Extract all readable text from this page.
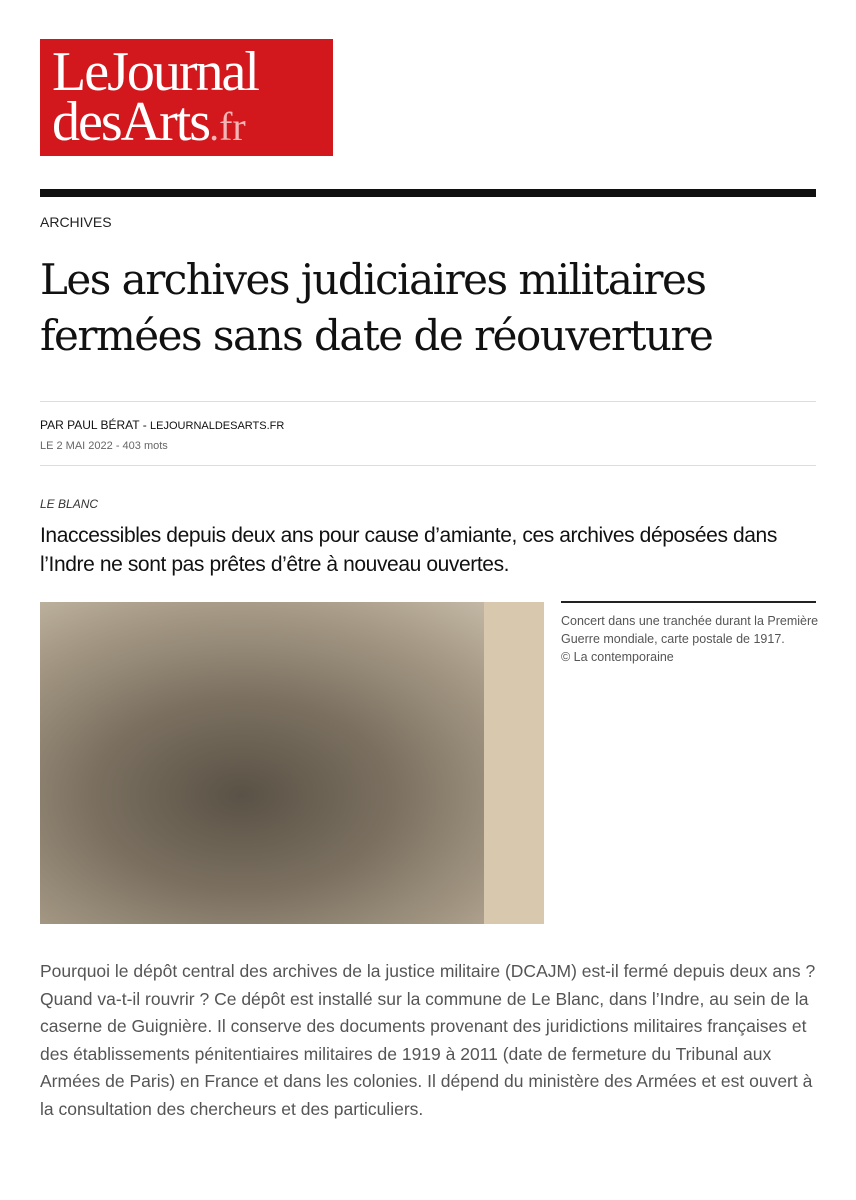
LeJournal
desArts.fr
ARCHIVES
Les archives judiciaires militaires fermées sans date de réouverture
PAR PAUL BÉRAT - LEJOURNALDESARTS.FR
LE 2 MAI 2022 - 403 mots
LE BLANC
Inaccessibles depuis deux ans pour cause d’amiante, ces archives déposées dans l’Indre ne sont pas prêtes d’être à nouveau ouvertes.
Concert dans une tranchée durant la Première Guerre mondiale, carte postale de 1917.
© La contemporaine
Pourquoi le dépôt central des archives de la justice militaire (DCAJM) est-il fermé depuis deux ans ? Quand va-t-il rouvrir ? Ce dépôt est installé sur la commune de Le Blanc, dans l’Indre, au sein de la caserne de Guignière. Il conserve des documents provenant des juridictions militaires françaises et des établissements pénitentiaires militaires de 1919 à 2011 (date de fermeture du Tribunal aux Armées de Paris) en France et dans les colonies. Il dépend du ministère des Armées et est ouvert à la consultation des chercheurs et des particuliers.
